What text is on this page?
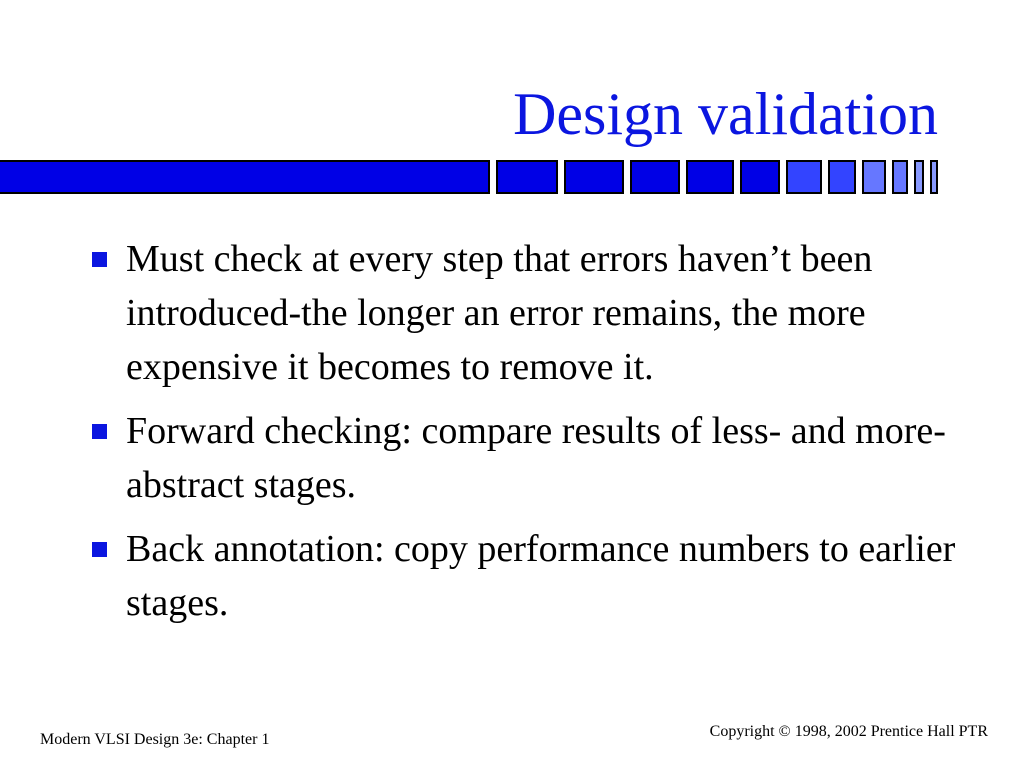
Design validation
Must check at every step that errors haven’t been introduced-the longer an error remains, the more expensive it becomes to remove it.
Forward checking: compare results of less- and more-abstract stages.
Back annotation: copy performance numbers to earlier stages.
Modern VLSI Design 3e: Chapter 1	Copyright © 1998, 2002 Prentice Hall PTR
